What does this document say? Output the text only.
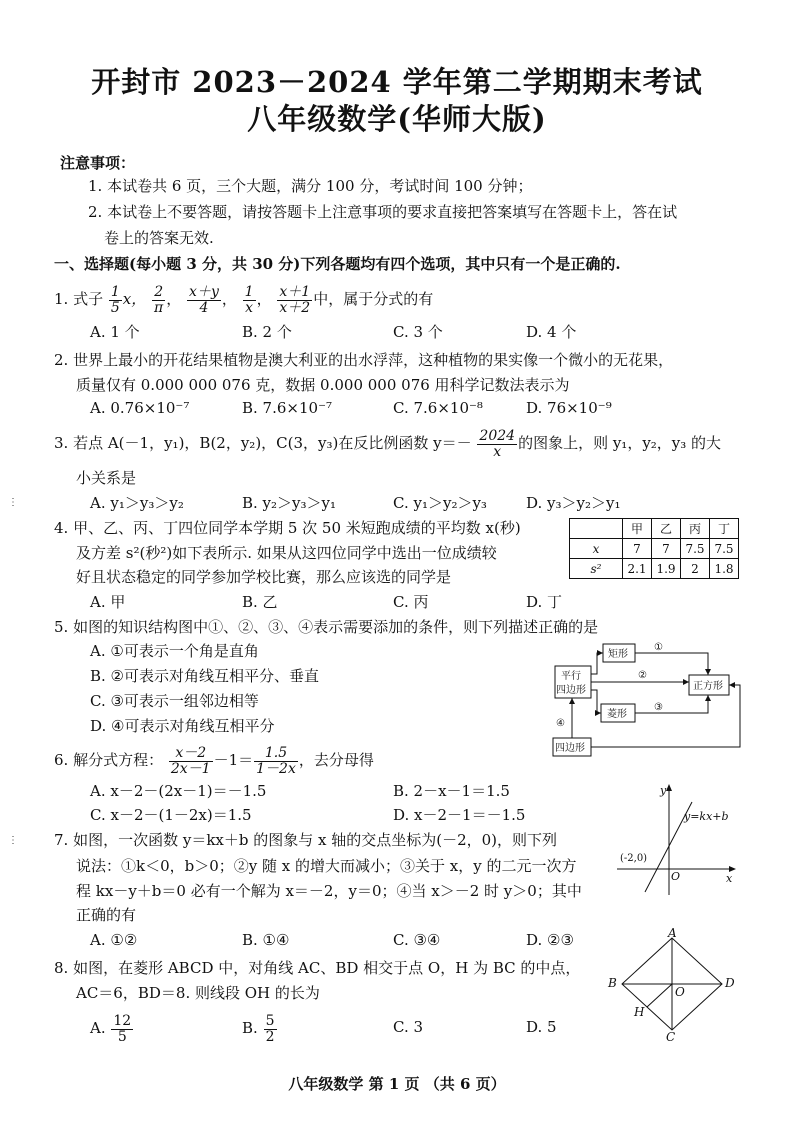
开封市 2023－2024 学年第二学期期末考试
八年级数学(华师大版)
注意事项：
1. 本试卷共 6 页，三个大题，满分 100 分，考试时间 100 分钟；
2. 本试卷上不要答题，请按答题卡上注意事项的要求直接把答案填写在答题卡上，答在试
卷上的答案无效.
一、选择题(每小题 3 分，共 30 分)下列各题均有四个选项，其中只有一个是正确的.
1. 式子 $\frac{1}{5}$ x， $\frac{2}{\pi}$ ， $\frac{x+y}{4}$ ， $\frac{1}{x}$ ， $\frac{x+1}{x+2}$ 中，属于分式的有
A. 1 个	B. 2 个	C. 3 个	D. 4 个
2. 世界上最小的开花结果植物是澳大利亚的出水浮萍，这种植物的果实像一个微小的无花果，
质量仅有 0.000 000 076 克，数据 0.000 000 076 用科学记数法表示为
A. 0.76×10⁻⁷	B. 7.6×10⁻⁷	C. 7.6×10⁻⁸	D. 76×10⁻⁹
3. 若点 A(－1，y₁)，B(2，y₂)，C(3，y₃)在反比例函数 $y=- \frac{2024}{x}$ 的图象上，则 y₁，y₂，y₃ 的大
小关系是
A. y₁＞y₃＞y₂	B. y₂＞y₃＞y₁	C. y₁＞y₂＞y₃	D. y₃＞y₂＞y₁
4. 甲、乙、丙、丁四位同学本学期 5 次 50 米短跑成绩的平均数 x(秒)
及方差 s²(秒²)如下表所示. 如果从这四位同学中选出一位成绩较
好且状态稳定的同学参加学校比赛，那么应该选的同学是
A. 甲	B. 乙	C. 丙	D. 丁
	甲	乙	丙	丁
x	7	7	7.5	7.5
s²	2.1	1.9	2	1.8
5. 如图的知识结构图中①、②、③、④表示需要添加的条件，则下列描述正确的是
A. ①可表示一个角是直角
B. ②可表示对角线互相平分、垂直
C. ③可表示一组邻边相等
D. ④可表示对角线互相平分
矩形
平行
四边形
菱形
正方形
四边形
①
②
③
④
6. 解分式方程： $\frac{x-2}{2x-1} -1= \frac{1.5}{1-2x}$ ，去分母得
A. x－2－(2x－1)＝－1.5	B. 2－x－1＝1.5
C. x－2－(1－2x)＝1.5	D. x－2－1＝－1.5
7. 如图，一次函数 y＝kx＋b 的图象与 x 轴的交点坐标为(－2，0)，则下列
说法：①k＜0，b＞0；②y 随 x 的增大而减小；③关于 x，y 的二元一次方
程 kx－y＋b＝0 必有一个解为 x＝－2，y＝0；④当 x＞－2 时 y＞0；其中
正确的有
A. ①②	B. ①④	C. ③④	D. ②③
y
x
O
y=kx+b
(-2,0)
8. 如图，在菱形 ABCD 中，对角线 AC、BD 相交于点 O，H 为 BC 的中点，
AC＝6，BD＝8. 则线段 OH 的长为
A. $\frac{12}{5}$	B. $\frac{5}{2}$	C. 3	D. 5
A
B
C
D
O
H
八年级数学 第 1 页 （共 6 页）
⋮
⋮
